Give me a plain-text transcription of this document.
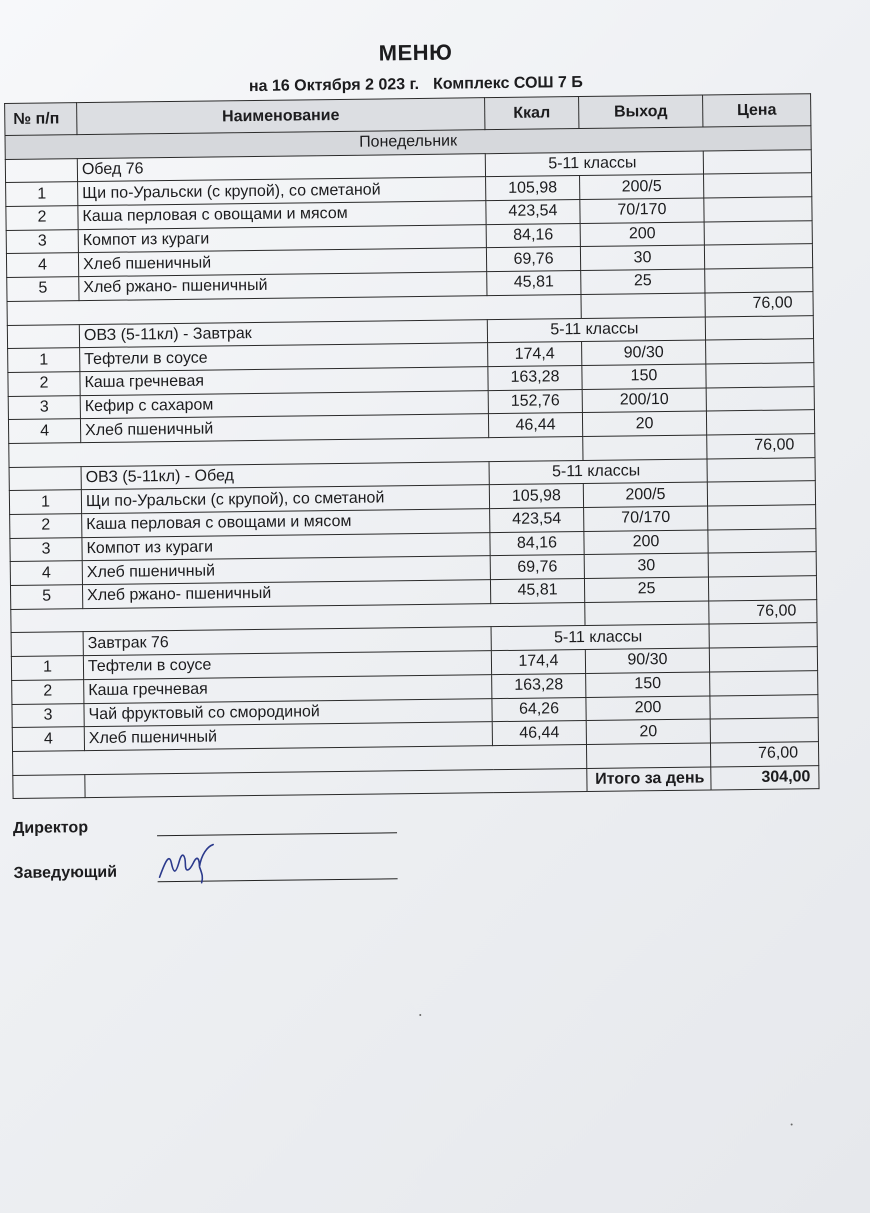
МЕНЮ
на 16 Октября 2 023 г. Комплекс СОШ 7 Б
№ п/п	Наименование	Ккал	Выход	Цена
Понедельник				
	Обед 76	5-11 классы		
1	Щи по-Уральски (с крупой), со сметаной	105,98	200/5	
2	Каша перловая с овощами и мясом	423,54	70/170	
3	Компот из кураги	84,16	200	
4	Хлеб пшеничный	69,76	30	
5	Хлеб ржано- пшеничный	45,81	25	
				76,00
	ОВЗ (5-11кл) - Завтрак	5-11 классы		
1	Тефтели в соусе	174,4	90/30	
2	Каша гречневая	163,28	150	
3	Кефир с сахаром	152,76	200/10	
4	Хлеб пшеничный	46,44	20	
				76,00
	ОВЗ (5-11кл) - Обед	5-11 классы		
1	Щи по-Уральски (с крупой), со сметаной	105,98	200/5	
2	Каша перловая с овощами и мясом	423,54	70/170	
3	Компот из кураги	84,16	200	
4	Хлеб пшеничный	69,76	30	
5	Хлеб ржано- пшеничный	45,81	25	
				76,00
	Завтрак 76	5-11 классы		
1	Тефтели в соусе	174,4	90/30	
2	Каша гречневая	163,28	150	
3	Чай фруктовый со смородиной	64,26	200	
4	Хлеб пшеничный	46,44	20	
				76,00
			Итого за день	304,00
Директор
Заведующий
